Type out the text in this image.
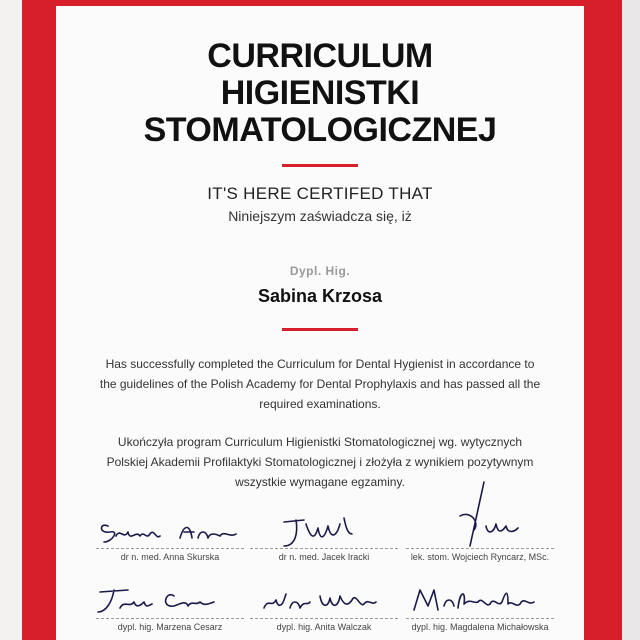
CURRICULUM
HIGIENISTKI
STOMATOLOGICZNEJ
IT'S HERE CERTIFED THAT
Niniejszym zaświadcza się, iż
Dypl. Hig.
Sabina Krzosa

Has successfully completed the Curriculum for Dental Hygienist in accordance to the guidelines of the Polish Academy for Dental Prophylaxis and has passed all the required examinations.

Ukończyła program Curriculum Higienistki Stomatologicznej wg. wytycznych Polskiej Akademii Profilaktyki Stomatologicznej i złożyła z wynikiem pozytywnym wszystkie wymagane egzaminy.

dr n. med. Anna Skurska	dr n. med. Jacek Iracki	lek. stom. Wojciech Ryncarz, MSc.
dypl. hig. Marzena Cesarz	dypl. hig. Anita Walczak	dypl. hig. Magdalena Michałowska
